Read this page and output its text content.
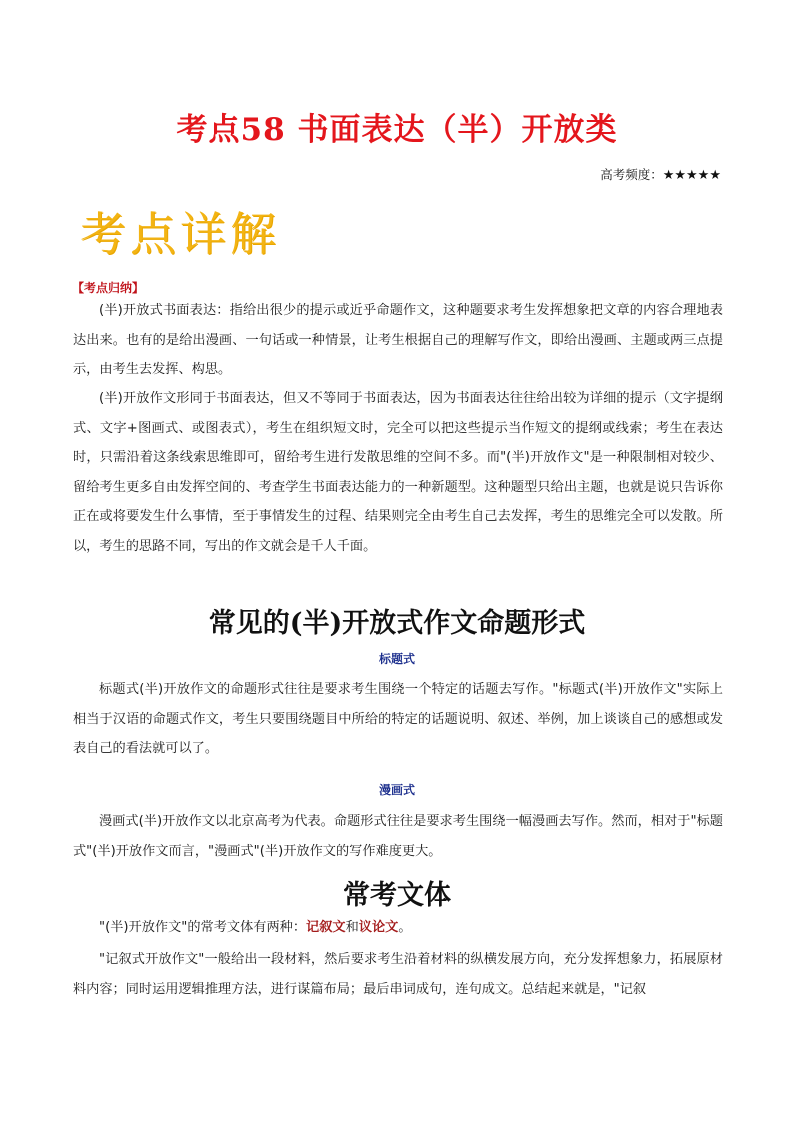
考点58 书面表达（半）开放类
高考频度：★★★★★
考点详解
【考点归纳】

(半)开放式书面表达：指给出很少的提示或近乎命题作文，这种题要求考生发挥想象把文章的内容合理地表达出来。也有的是给出漫画、一句话或一种情景，让考生根据自己的理解写作文，即给出漫画、主题或两三点提示，由考生去发挥、构思。

(半)开放作文形同于书面表达，但又不等同于书面表达，因为书面表达往往给出较为详细的提示（文字提纲式、文字+图画式、或图表式），考生在组织短文时，完全可以把这些提示当作短文的提纲或线索；考生在表达时，只需沿着这条线索思维即可，留给考生进行发散思维的空间不多。而"(半)开放作文"是一种限制相对较少、留给考生更多自由发挥空间的、考查学生书面表达能力的一种新题型。这种题型只给出主题，也就是说只告诉你正在或将要发生什么事情，至于事情发生的过程、结果则完全由考生自己去发挥，考生的思维完全可以发散。所以，考生的思路不同，写出的作文就会是千人千面。

常见的(半)开放式作文命题形式
标题式

标题式(半)开放作文的命题形式往往是要求考生围绕一个特定的话题去写作。"标题式(半)开放作文"实际上相当于汉语的命题式作文，考生只要围绕题目中所给的特定的话题说明、叙述、举例，加上谈谈自己的感想或发表自己的看法就可以了。

漫画式

漫画式(半)开放作文以北京高考为代表。命题形式往往是要求考生围绕一幅漫画去写作。然而，相对于"标题式"(半)开放作文而言，"漫画式"(半)开放作文的写作难度更大。

常考文体

"(半)开放作文"的常考文体有两种：记叙文和议论文。

"记叙式开放作文"一般给出一段材料，然后要求考生沿着材料的纵横发展方向，充分发挥想象力，拓展原材料内容；同时运用逻辑推理方法，进行谋篇布局；最后串词成句，连句成文。总结起来就是，"记叙
